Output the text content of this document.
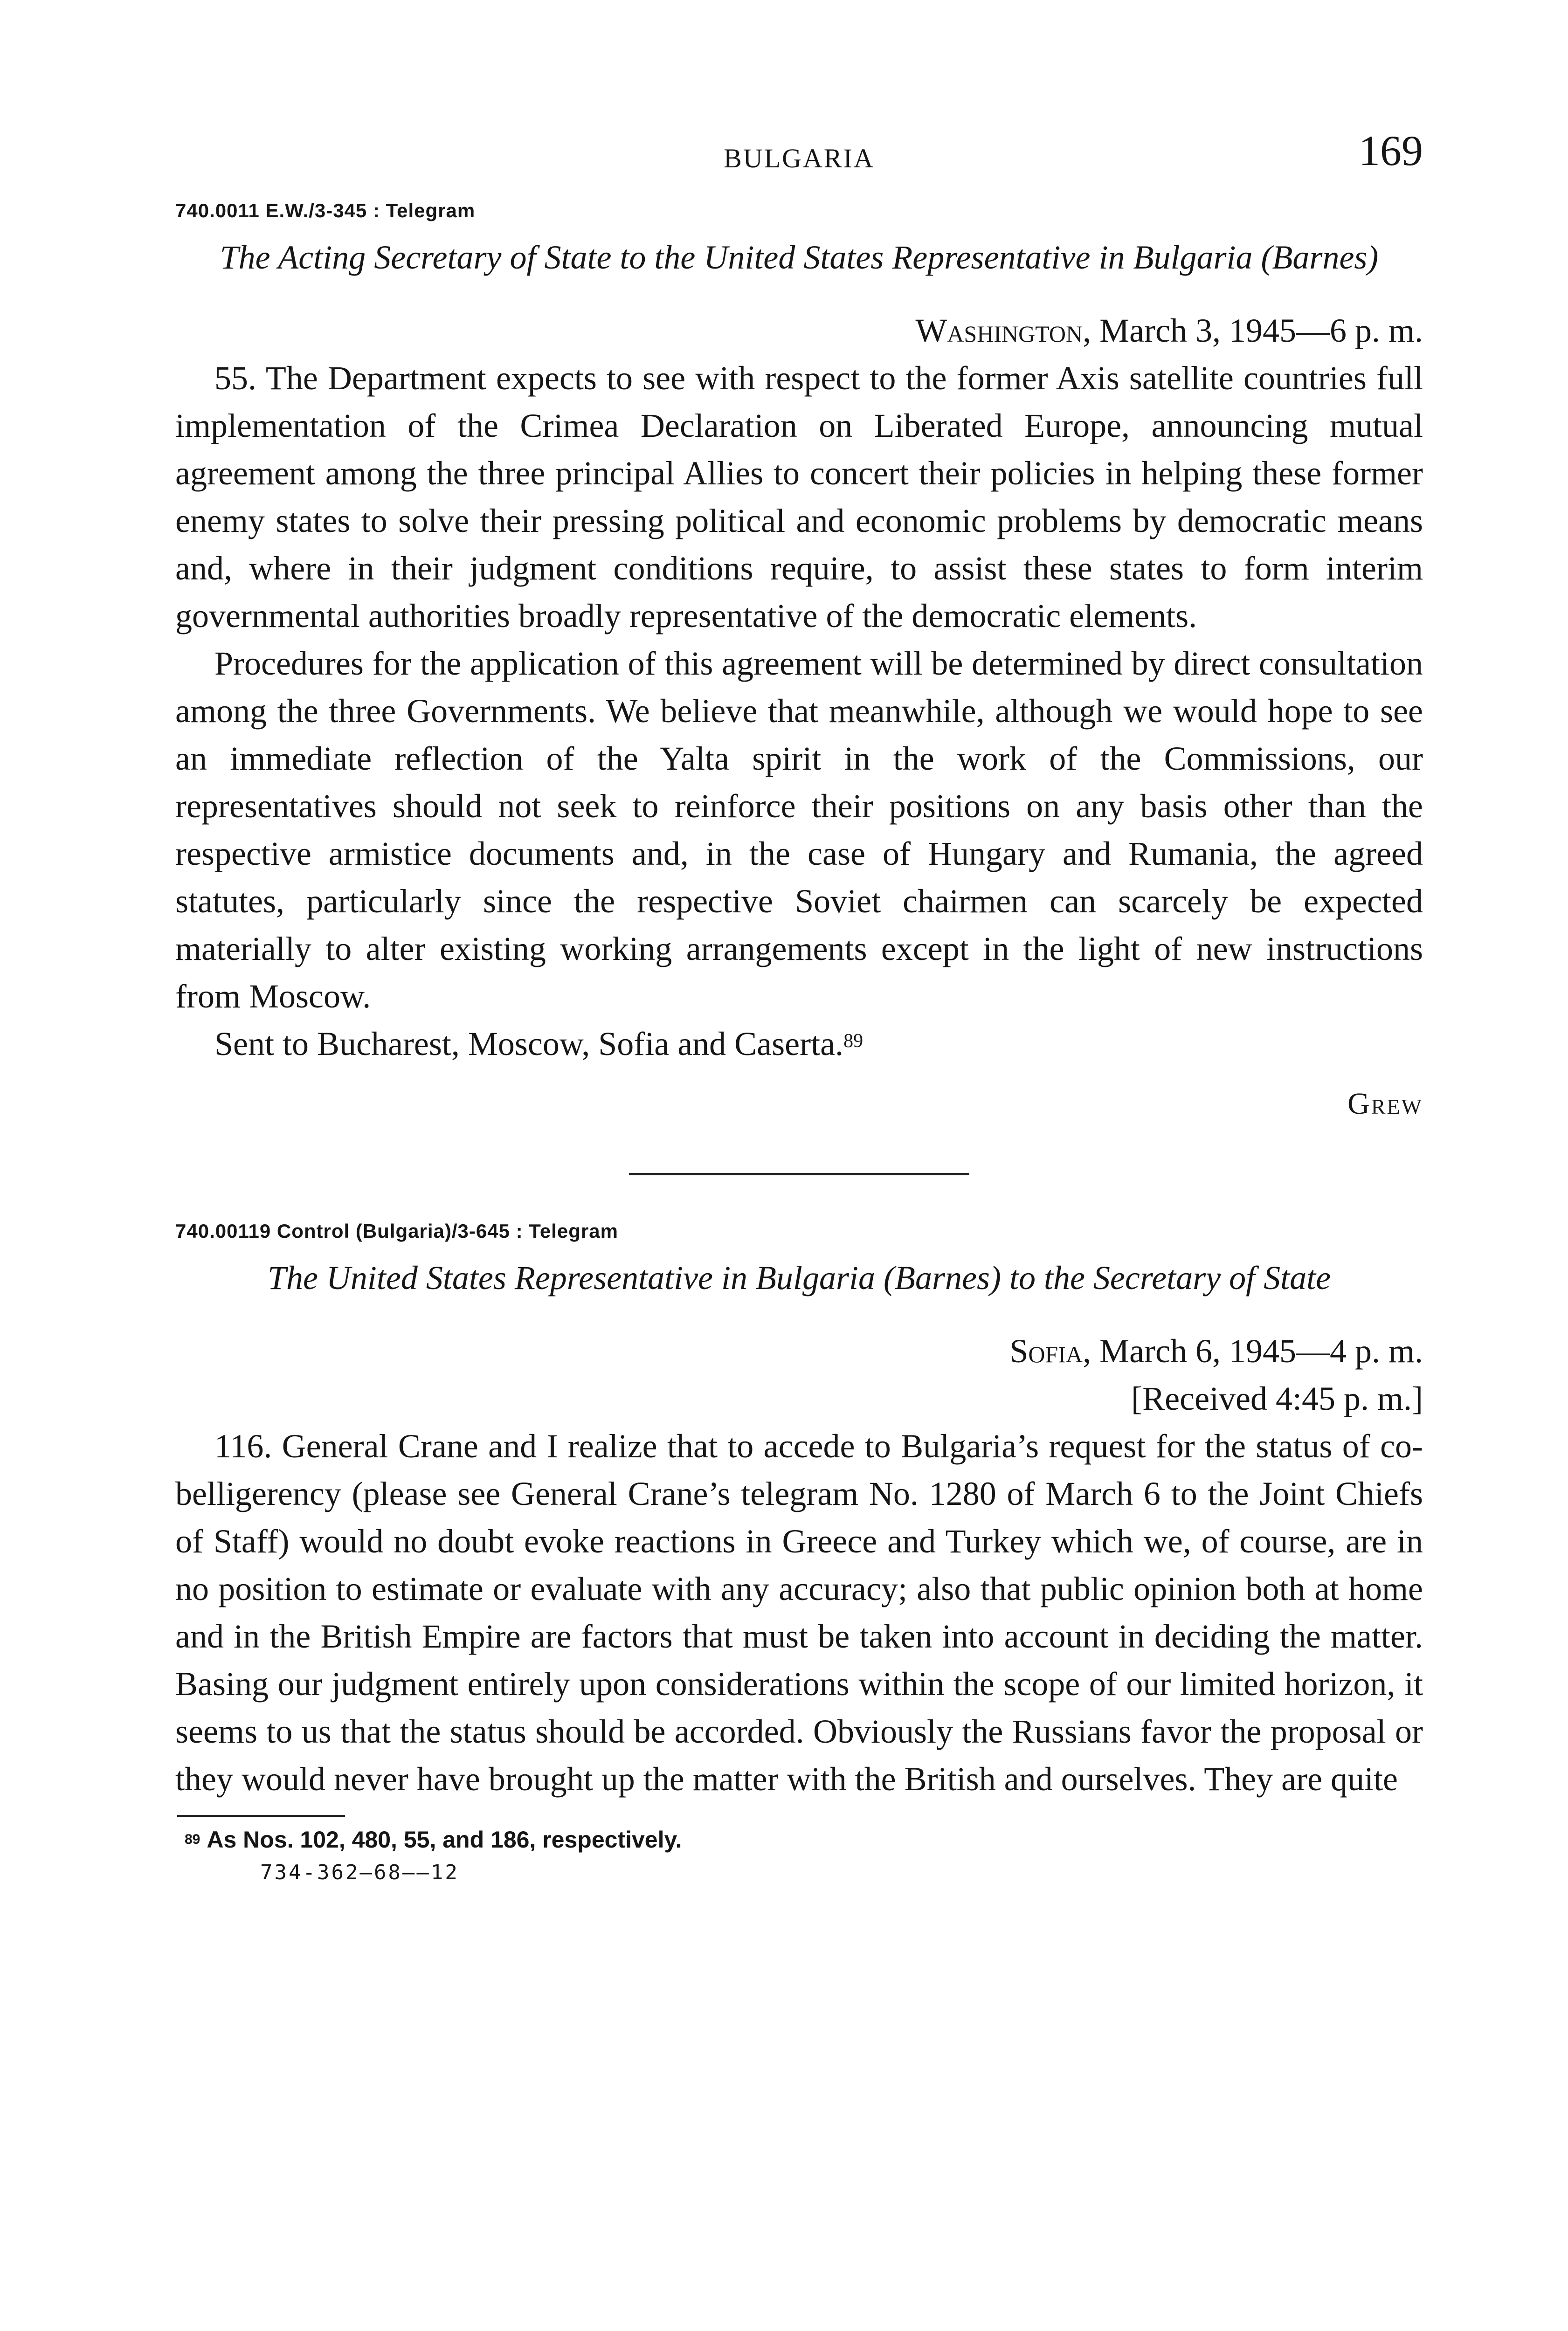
BULGARIA	169
740.0011 E.W./3-345 : Telegram
The Acting Secretary of State to the United States Representative in Bulgaria (Barnes)
Washington, March 3, 1945—6 p. m.

55. The Department expects to see with respect to the former Axis satellite countries full implementation of the Crimea Declaration on Liberated Europe, announcing mutual agreement among the three principal Allies to concert their policies in helping these former enemy states to solve their pressing political and economic problems by democratic means and, where in their judgment conditions require, to assist these states to form interim governmental authorities broadly representative of the democratic elements.

Procedures for the application of this agreement will be determined by direct consultation among the three Governments. We believe that meanwhile, although we would hope to see an immediate reflection of the Yalta spirit in the work of the Commissions, our representatives should not seek to reinforce their positions on any basis other than the respective armistice documents and, in the case of Hungary and Rumania, the agreed statutes, particularly since the respective Soviet chairmen can scarcely be expected materially to alter existing working arrangements except in the light of new instructions from Moscow.

Sent to Bucharest, Moscow, Sofia and Caserta.$^{89}$

Grew
740.00119 Control (Bulgaria)/3-645 : Telegram
The United States Representative in Bulgaria (Barnes) to the Secretary of State
Sofia, March 6, 1945—4 p. m.
[Received 4:45 p. m.]

116. General Crane and I realize that to accede to Bulgaria’s request for the status of co-belligerency (please see General Crane’s telegram No. 1280 of March 6 to the Joint Chiefs of Staff) would no doubt evoke reactions in Greece and Turkey which we, of course, are in no position to estimate or evaluate with any accuracy; also that public opinion both at home and in the British Empire are factors that must be taken into account in deciding the matter. Basing our judgment entirely upon considerations within the scope of our limited horizon, it seems to us that the status should be accorded. Obviously the Russians favor the proposal or they would never have brought up the matter with the British and ourselves. They are quite

$^{89}$ As Nos. 102, 480, 55, and 186, respectively.
734-362—68——12
